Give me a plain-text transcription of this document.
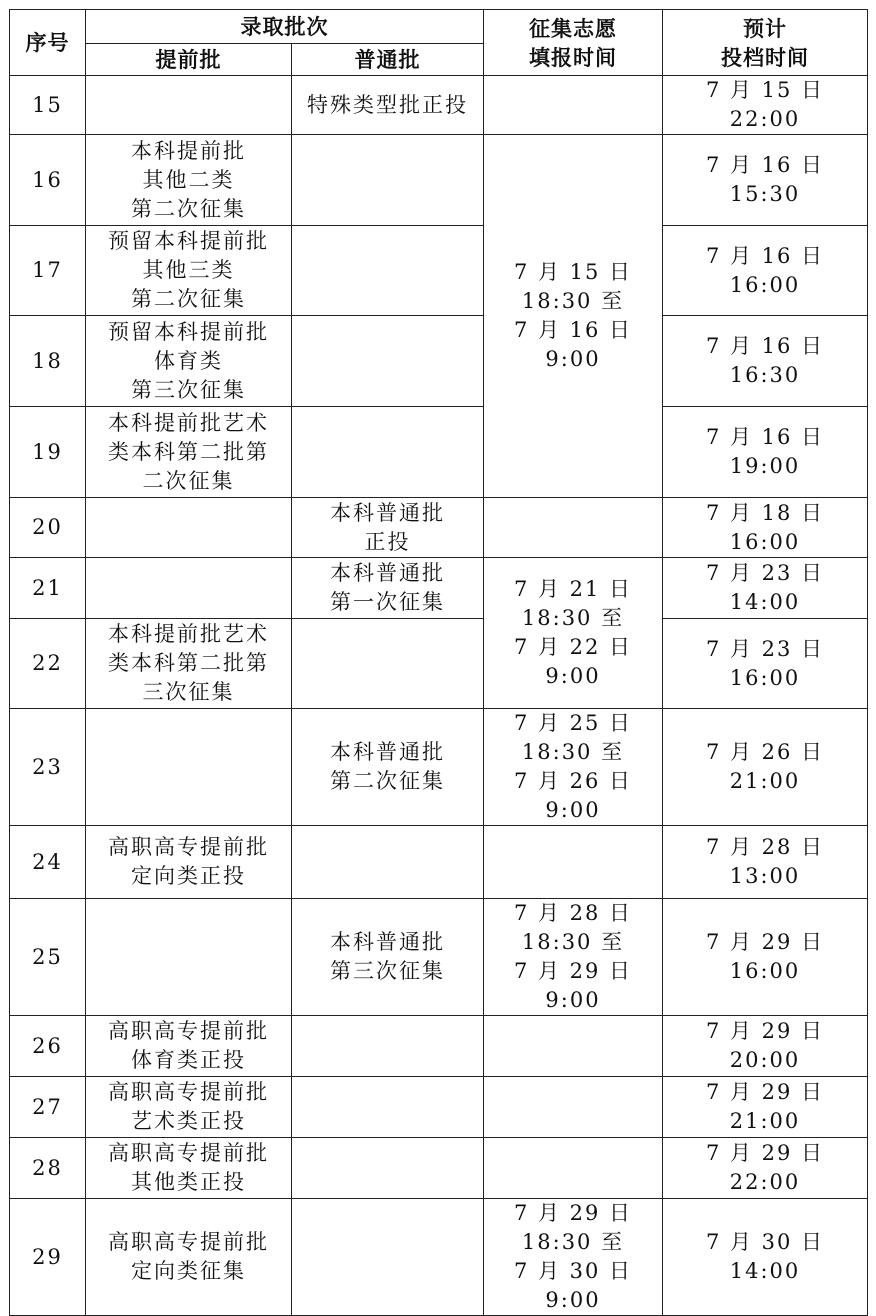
序号	录取批次		征集志愿
填报时间	预计
投档时间
	提前批	普通批		
15		特殊类型批正投		7 月 15 日 22:00
16	本科提前批
其他二类
第二次征集		7 月 15 日
18:30 至
7 月 16 日 9:00	7 月 16 日 15:30
17	预留本科提前批
其他三类
第二次征集			7 月 16 日 16:00
18	预留本科提前批
体育类
第三次征集			7 月 16 日 16:30
19	本科提前批艺术
类本科第二批第
二次征集			7 月 16 日 19:00
20		本科普通批
正投		7 月 18 日 16:00
21		本科普通批
第一次征集	7 月 21 日
18:30 至
7 月 22 日 9:00	7 月 23 日 14:00
22	本科提前批艺术
类本科第二批第
三次征集			7 月 23 日 16:00
23		本科普通批
第二次征集	7 月 25 日
18:30 至
7 月 26 日 9:00	7 月 26 日 21:00
24	高职高专提前批
定向类正投			7 月 28 日 13:00
25		本科普通批
第三次征集	7 月 28 日
18:30 至
7 月 29 日 9:00	7 月 29 日 16:00
26	高职高专提前批
体育类正投			7 月 29 日 20:00
27	高职高专提前批
艺术类正投			7 月 29 日 21:00
28	高职高专提前批
其他类正投			7 月 29 日 22:00
29	高职高专提前批
定向类征集		7 月 29 日
18:30 至
7 月 30 日 9:00	7 月 30 日 14:00
